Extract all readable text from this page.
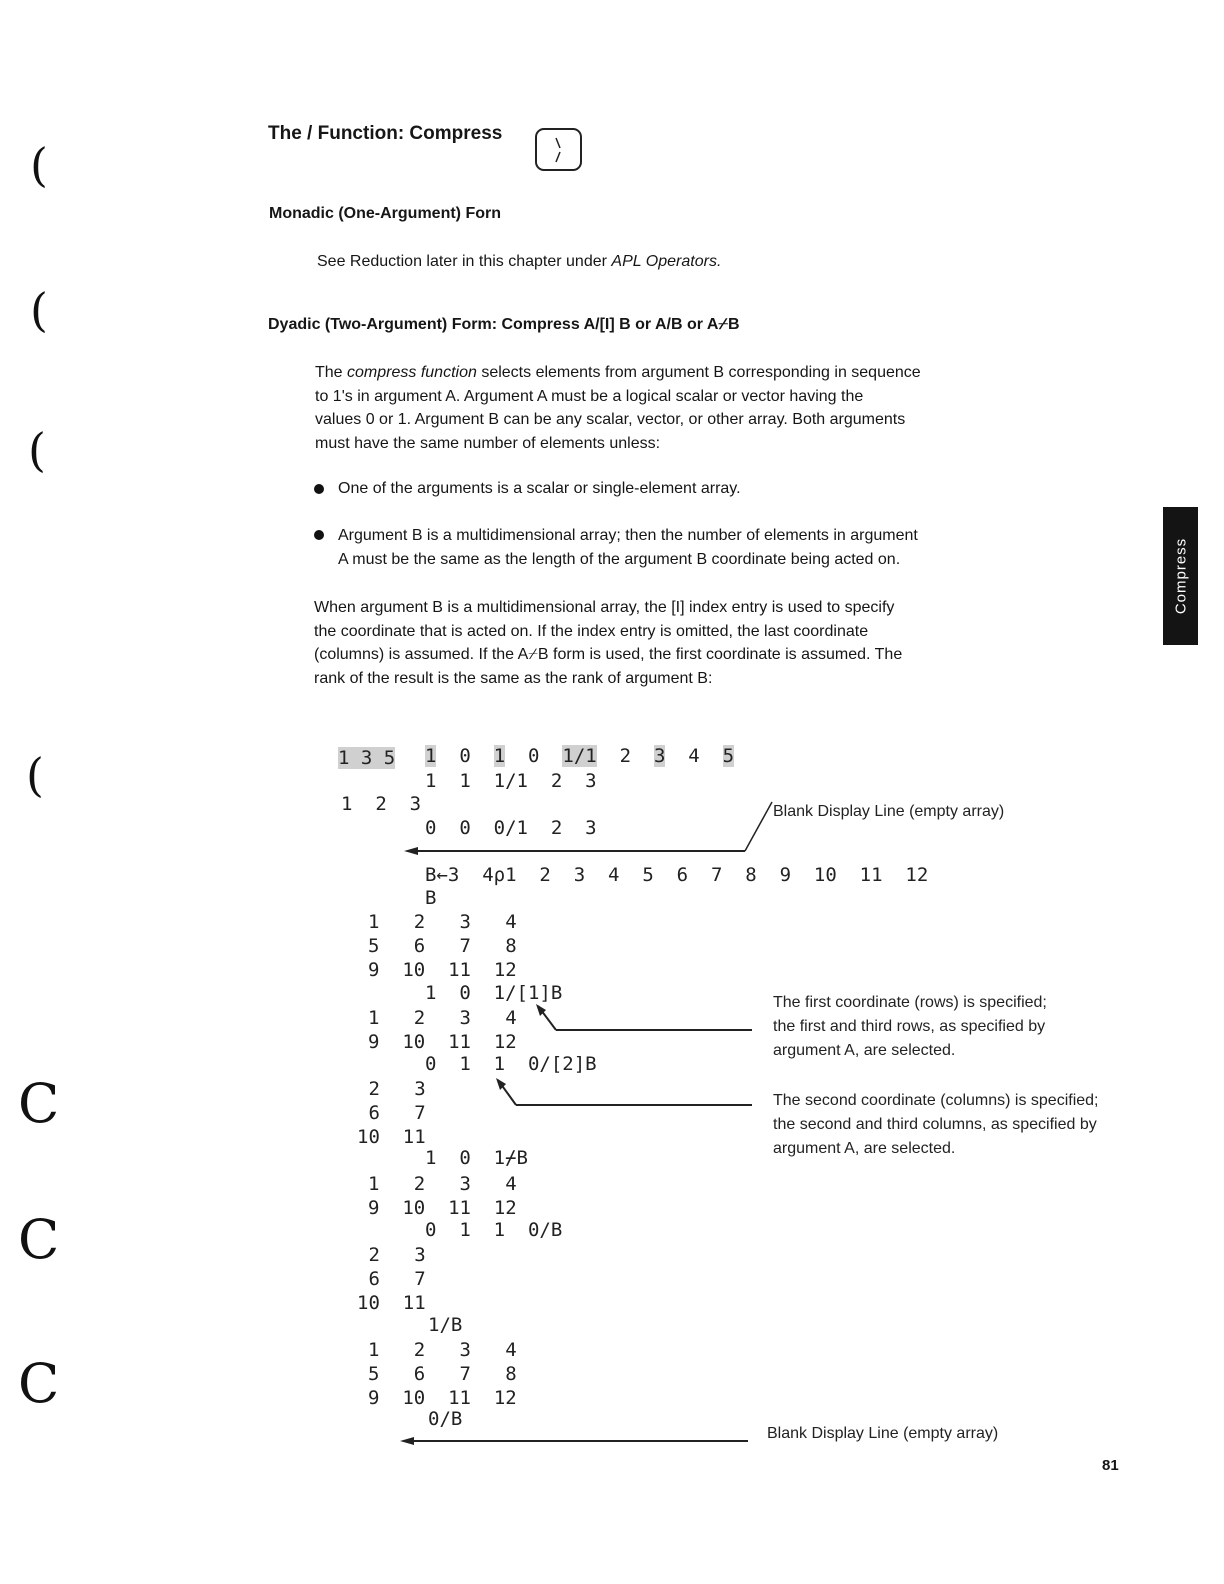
(
(
(
(
C
C
C
The / Function: Compress
Monadic (One-Argument) Forn
See Reduction later in this chapter under APL Operators.
Dyadic (Two-Argument) Form: Compress A/[I] B or A/B or A⌿B
The compress function selects elements from argument B corresponding in sequence
to 1's in argument A. Argument A must be a logical scalar or vector having the
values 0 or 1. Argument B can be any scalar, vector, or other array. Both arguments
must have the same number of elements unless:
One of the arguments is a scalar or single-element array.
Argument B is a multidimensional array; then the number of elements in argument
A must be the same as the length of the argument B coordinate being acted on.
When argument B is a multidimensional array, the [I] index entry is used to specify
the coordinate that is acted on. If the index entry is omitted, the last coordinate
(columns) is assumed. If the A⌿B form is used, the first coordinate is assumed. The
rank of the result is the same as the rank of argument B:
Compress

1 0 1 0 1/1 2 3 4 5
1 3 5
1  1  1/1  2  3
1  2  3
0  0  0/1  2  3
Blank Display Line (empty array)
B←3  4⍴1  2  3  4  5  6  7  8  9  10  11  12
B
1   2   3   4
5   6   7   8
9  10  11  12
1  0  1/[1]B
1   2   3   4
9  10  11  12
The first coordinate (rows) is specified;
the first and third rows, as specified by
argument A, are selected.
0  1  1  0/[2]B
2   3
6   7
10  11
The second coordinate (columns) is specified;
the second and third columns, as specified by
argument A, are selected.
1  0  1⌿B
1   2   3   4
9  10  11  12
0  1  1  0/B
2   3
6   7
10  11
1/B
1   2   3   4
5   6   7   8
9  10  11  12
0/B
Blank Display Line (empty array)
81
